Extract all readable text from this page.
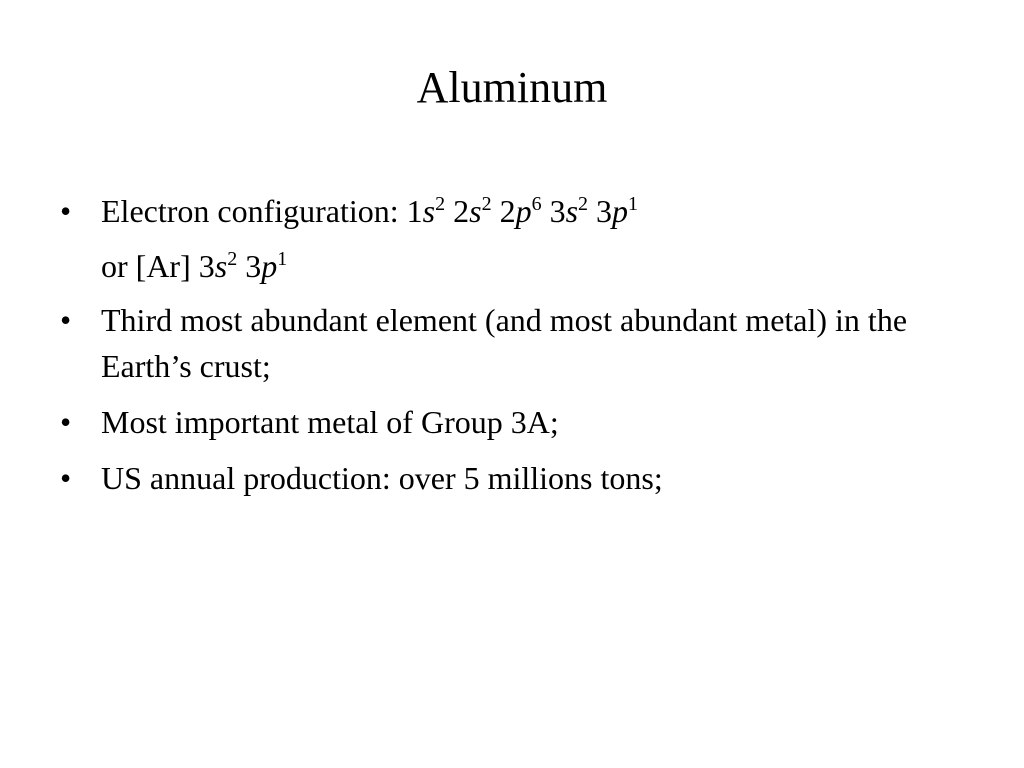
Aluminum
• Electron configuration: $1s^2$ $2s^2$ $2p^6$ $3s^2$ $3p^1$
or [Ar] $3s^2$ $3p^1$
• Third most abundant element (and most abundant metal) in the Earth’s crust;
• Most important metal of Group 3A;
• US annual production: over 5 millions tons;
